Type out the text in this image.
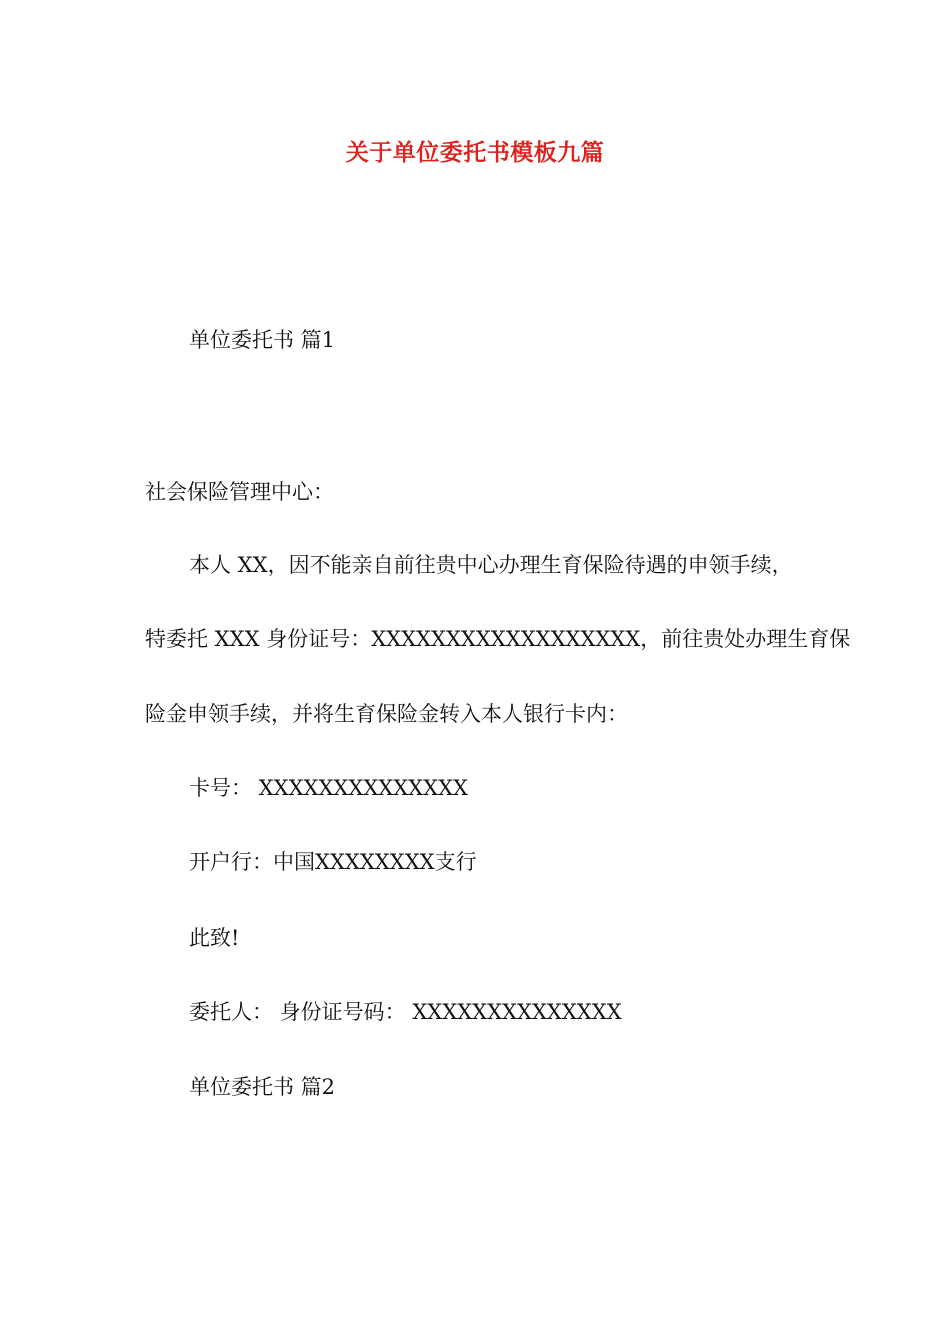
关于单位委托书模板九篇
单位委托书 篇1
社会保险管理中心：
本人 XX，因不能亲自前往贵中心办理生育保险待遇的申领手续，
特委托 XXX 身份证号：XXXXXXXXXXXXXXXXXX，前往贵处办理生育保
险金申领手续，并将生育保险金转入本人银行卡内：
卡号： XXXXXXXXXXXXXX
开户行：中国XXXXXXXX支行
此致!
委托人： 身份证号码： XXXXXXXXXXXXXX
单位委托书 篇2
